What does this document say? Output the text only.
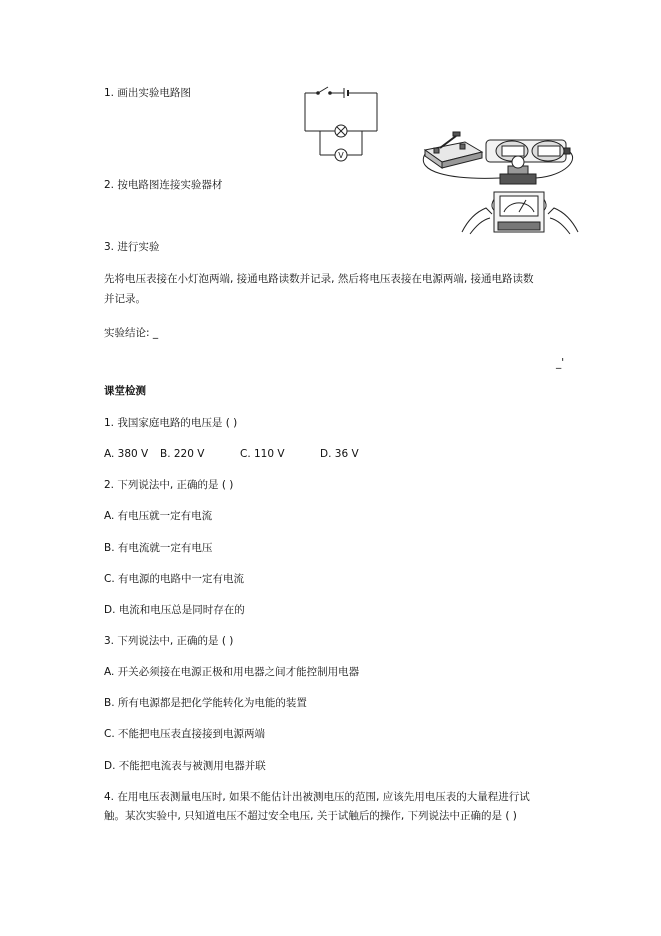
1. 画出实验电路图
2. 按电路图连接实验器材
3. 进行实验
V
先将电压表接在小灯泡两端, 接通电路读数并记录, 然后将电压表接在电源两端, 接通电路读数
并记录。
实验结论: _
_'
课堂检测
1. 我国家庭电路的电压是 ( )
A. 380 V B. 220 V	C. 110 V	D. 36 V
2. 下列说法中, 正确的是 ( )
A. 有电压就一定有电流
B. 有电流就一定有电压
C. 有电源的电路中一定有电流
D. 电流和电压总是同时存在的
3. 下列说法中, 正确的是 ( )
A. 开关必须接在电源正极和用电器之间才能控制用电器
B. 所有电源都是把化学能转化为电能的装置
C. 不能把电压表直接接到电源两端
D. 不能把电流表与被测用电器并联
4. 在用电压表测量电压时, 如果不能估计出被测电压的范围, 应该先用电压表的大量程进行试
触。某次实验中, 只知道电压不超过安全电压, 关于试触后的操作, 下列说法中正确的是 ( )
